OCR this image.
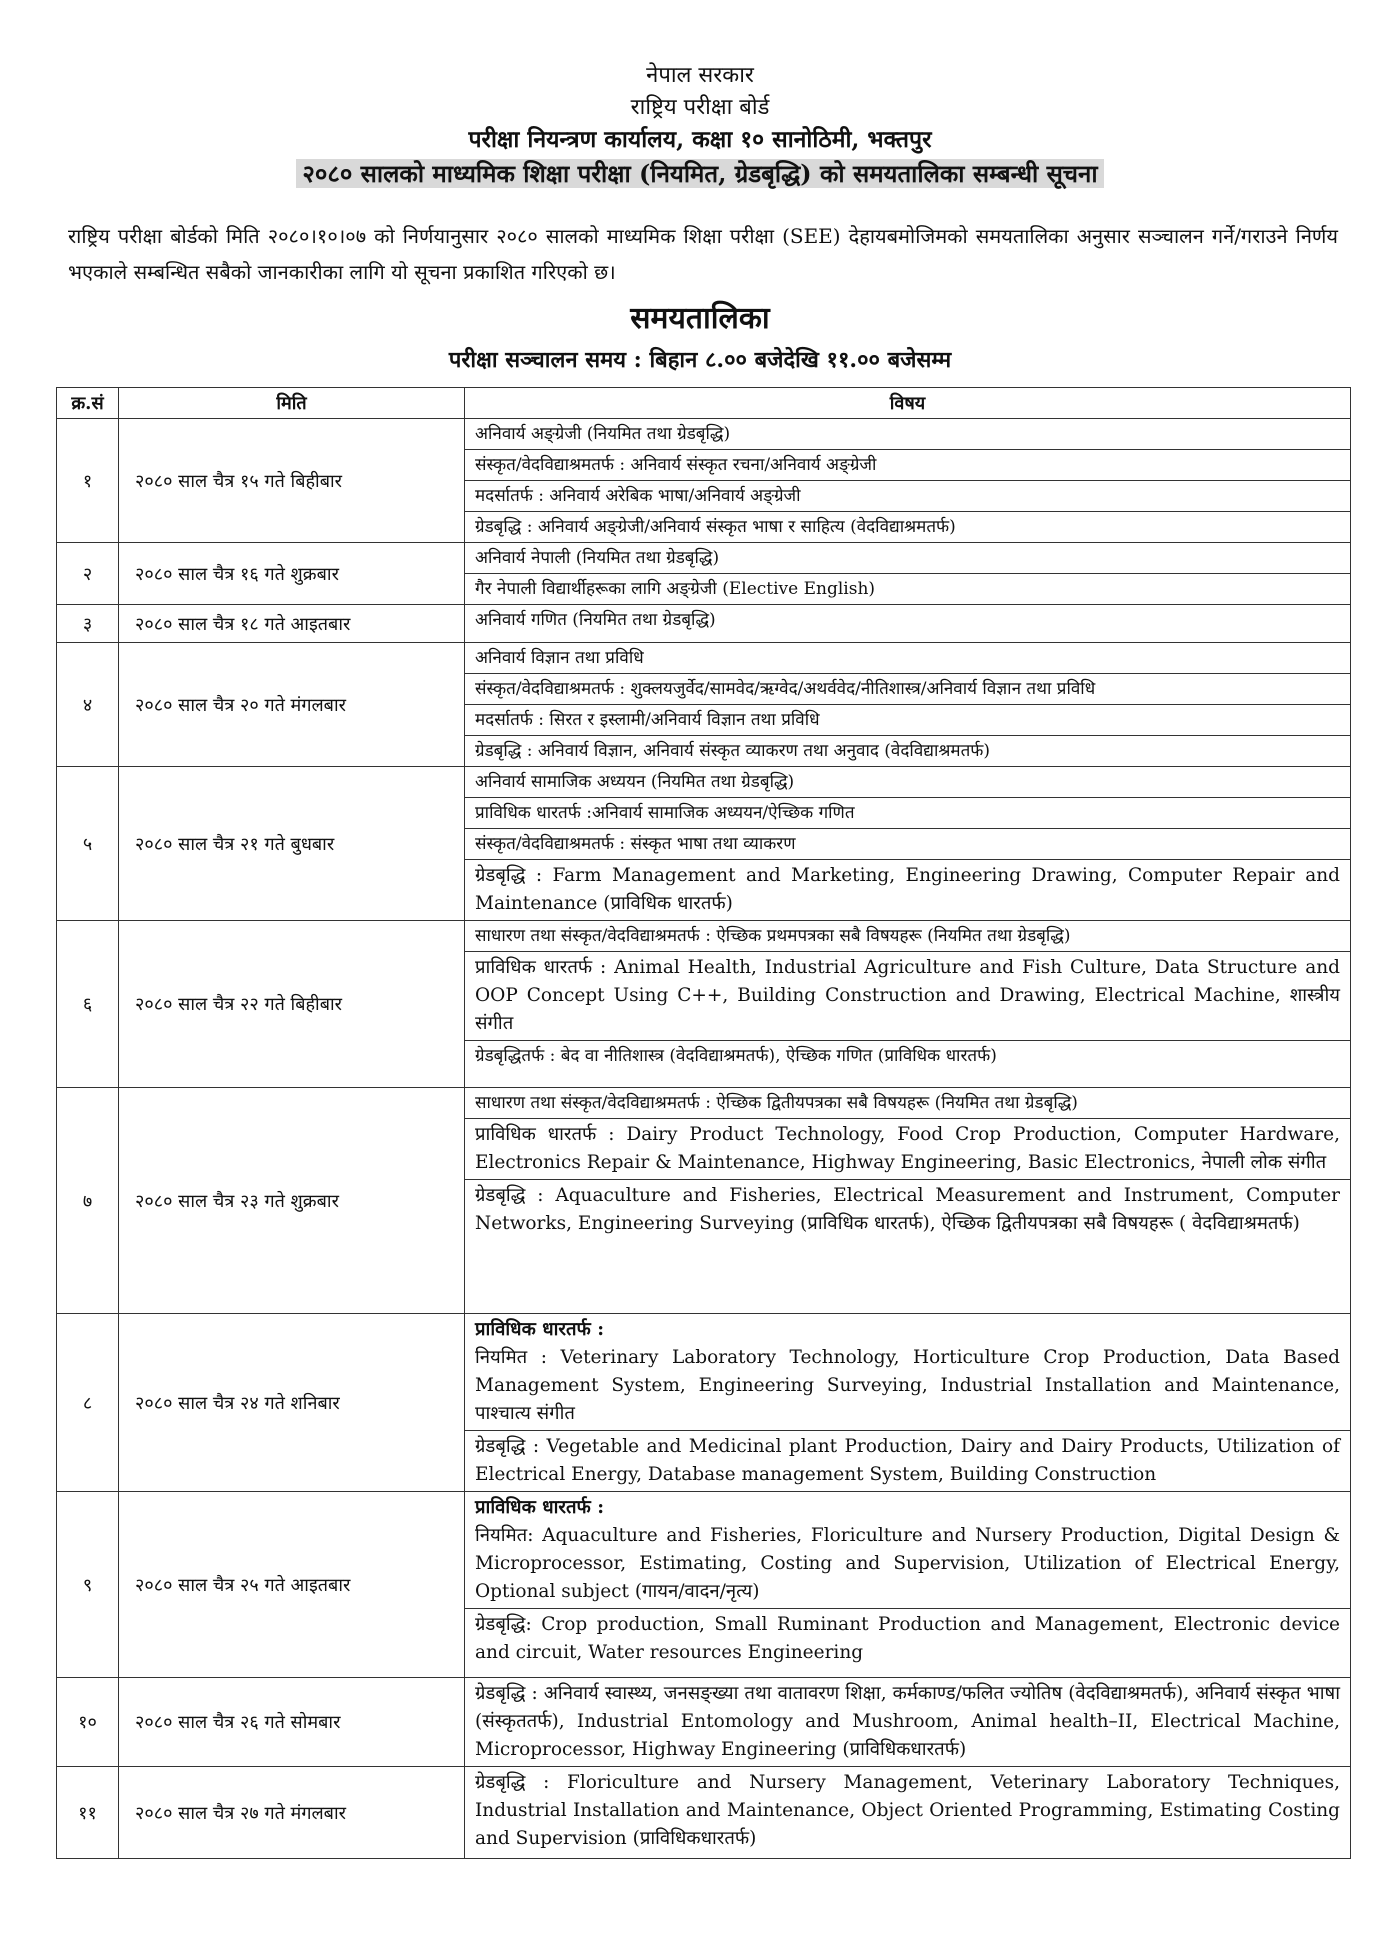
नेपाल सरकार
राष्ट्रिय परीक्षा बोर्ड
परीक्षा नियन्त्रण कार्यालय, कक्षा १० सानोठिमी, भक्तपुर
२०८० सालको माध्यमिक शिक्षा परीक्षा (नियमित, ग्रेडबृद्धि) को समयतालिका सम्बन्धी सूचना
राष्ट्रिय परीक्षा बोर्डको मिति २०८०।१०।०७ को निर्णयानुसार २०८० सालको माध्यमिक शिक्षा परीक्षा (SEE) देहायबमोजिमको समयतालिका अनुसार सञ्चालन गर्ने/गराउने निर्णय भएकाले सम्बन्धित सबैको जानकारीका लागि यो सूचना प्रकाशित गरिएको छ।
समयतालिका
परीक्षा सञ्चालन समय : बिहान ८.०० बजेदेखि ११.०० बजेसम्म
क्र.सं	मिति	विषय
१	२०८० साल चैत्र १५ गते बिहीबार	अनिवार्य अङ्ग्रेजी (नियमित तथा ग्रेडबृद्धि)
संस्कृत/वेदविद्याश्रमतर्फ : अनिवार्य संस्कृत रचना/अनिवार्य अङ्ग्रेजी
मदर्सातर्फ : अनिवार्य अरेबिक भाषा/अनिवार्य अङ्ग्रेजी
ग्रेडबृद्धि : अनिवार्य अङ्ग्रेजी/अनिवार्य संस्कृत भाषा र साहित्य (वेदविद्याश्रमतर्फ)

२	२०८० साल चैत्र १६ गते शुक्रबार	अनिवार्य नेपाली (नियमित तथा ग्रेडबृद्धि)
गैर नेपाली विद्यार्थीहरूका लागि अङ्ग्रेजी (Elective English)

३	२०८० साल चैत्र १८ गते आइतबार	अनिवार्य गणित (नियमित तथा ग्रेडबृद्धि)

४	२०८० साल चैत्र २० गते मंगलबार	अनिवार्य विज्ञान तथा प्रविधि
संस्कृत/वेदविद्याश्रमतर्फ : शुक्लयजुर्वेद/सामवेद/ऋग्वेद/अथर्ववेद/नीतिशास्त्र/अनिवार्य विज्ञान तथा प्रविधि
मदर्सातर्फ : सिरत र इस्लामी/अनिवार्य विज्ञान तथा प्रविधि
ग्रेडबृद्धि : अनिवार्य विज्ञान, अनिवार्य संस्कृत व्याकरण तथा अनुवाद (वेदविद्याश्रमतर्फ)

५	२०८० साल चैत्र २१ गते बुधबार	अनिवार्य सामाजिक अध्ययन (नियमित तथा ग्रेडबृद्धि)
प्राविधिक धारतर्फ :अनिवार्य सामाजिक अध्ययन/ऐच्छिक गणित
संस्कृत/वेदविद्याश्रमतर्फ : संस्कृत भाषा तथा व्याकरण
ग्रेडबृद्धि : Farm Management and Marketing, Engineering Drawing, Computer Repair and Maintenance (प्राविधिक धारतर्फ)

६	२०८० साल चैत्र २२ गते बिहीबार	साधारण तथा संस्कृत/वेदविद्याश्रमतर्फ : ऐच्छिक प्रथमपत्रका सबै विषयहरू (नियमित तथा ग्रेडबृद्धि)
प्राविधिक धारतर्फ : Animal Health, Industrial Agriculture and Fish Culture, Data Structure and OOP Concept Using C++, Building Construction and Drawing, Electrical Machine, शास्त्रीय संगीत
ग्रेडबृद्धितर्फ : बेद वा नीतिशास्त्र (वेदविद्याश्रमतर्फ), ऐच्छिक गणित (प्राविधिक धारतर्फ)

७	२०८० साल चैत्र २३ गते शुक्रबार	साधारण तथा संस्कृत/वेदविद्याश्रमतर्फ : ऐच्छिक द्वितीयपत्रका सबै विषयहरू (नियमित तथा ग्रेडबृद्धि)
प्राविधिक धारतर्फ : Dairy Product Technology, Food Crop Production, Computer Hardware, Electronics Repair & Maintenance, Highway Engineering, Basic Electronics, नेपाली लोक संगीत
ग्रेडबृद्धि : Aquaculture and Fisheries, Electrical Measurement and Instrument, Computer Networks, Engineering Surveying (प्राविधिक धारतर्फ), ऐच्छिक द्वितीयपत्रका सबै विषयहरू ( वेदविद्याश्रमतर्फ)

८	२०८० साल चैत्र २४ गते शनिबार	प्राविधिक धारतर्फ :
नियमित : Veterinary Laboratory Technology, Horticulture Crop Production, Data Based Management System, Engineering Surveying, Industrial Installation and Maintenance, पाश्चात्य संगीत
ग्रेडबृद्धि : Vegetable and Medicinal plant Production, Dairy and Dairy Products, Utilization of Electrical Energy, Database management System, Building Construction

९	२०८० साल चैत्र २५ गते आइतबार	प्राविधिक धारतर्फ :
नियमित: Aquaculture and Fisheries, Floriculture and Nursery Production, Digital Design & Microprocessor, Estimating, Costing and Supervision, Utilization of Electrical Energy, Optional subject (गायन/वादन/नृत्य)
ग्रेडबृद्धि: Crop production, Small Ruminant Production and Management, Electronic device and circuit, Water resources Engineering

१०	२०८० साल चैत्र २६ गते सोमबार	ग्रेडबृद्धि : अनिवार्य स्वास्थ्य, जनसङ्ख्या तथा वातावरण शिक्षा, कर्मकाण्ड/फलित ज्योतिष (वेदविद्याश्रमतर्फ), अनिवार्य संस्कृत भाषा (संस्कृततर्फ), Industrial Entomology and Mushroom, Animal health–II, Electrical Machine, Microprocessor, Highway Engineering (प्राविधिकधारतर्फ)

११	२०८० साल चैत्र २७ गते मंगलबार	ग्रेडबृद्धि : Floriculture and Nursery Management, Veterinary Laboratory Techniques, Industrial Installation and Maintenance, Object Oriented Programming, Estimating Costing and Supervision (प्राविधिकधारतर्फ)
